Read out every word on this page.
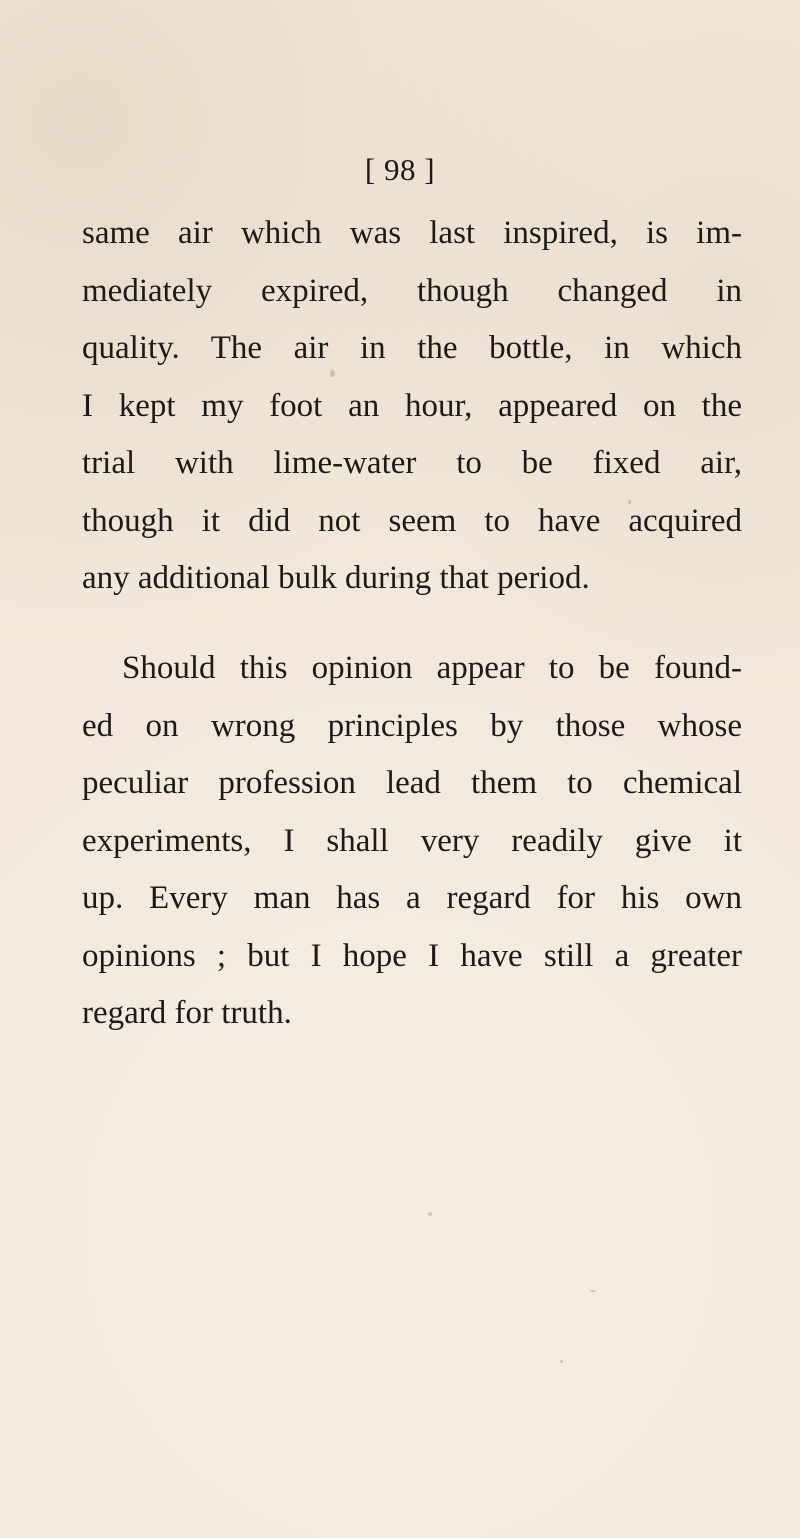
[ 98 ]
same air which was last inspired, is im-
mediately expired, though changed in
quality. The air in the bottle, in which
I kept my foot an hour, appeared on the
trial with lime-water to be fixed air,
though it did not seem to have acquired
any additional bulk during that period.
Should this opinion appear to be found-
ed on wrong principles by those whose
peculiar profession lead them to chemical
experiments, I shall very readily give it
up. Every man has a regard for his own
opinions ; but I hope I have still a greater
regard for truth.
